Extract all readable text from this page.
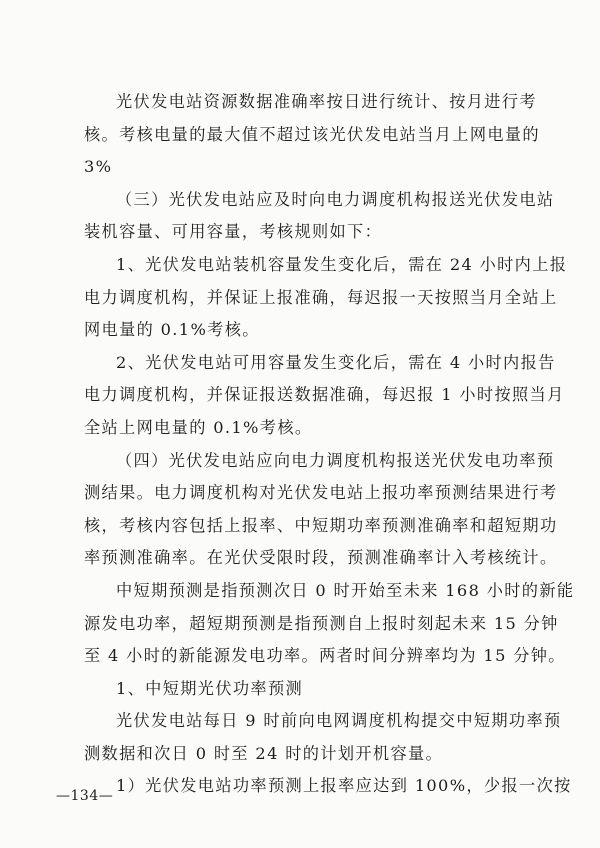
光伏发电站资源数据准确率按日进行统计、按月进行考
核。考核电量的最大值不超过该光伏发电站当月上网电量的
3%
（三）光伏发电站应及时向电力调度机构报送光伏发电站
装机容量、可用容量，考核规则如下：
1、光伏发电站装机容量发生变化后，需在 24 小时内上报
电力调度机构，并保证上报准确，每迟报一天按照当月全站上
网电量的 0.1%考核。
2、光伏发电站可用容量发生变化后，需在 4 小时内报告
电力调度机构，并保证报送数据准确，每迟报 1 小时按照当月
全站上网电量的 0.1%考核。
（四）光伏发电站应向电力调度机构报送光伏发电功率预
测结果。电力调度机构对光伏发电站上报功率预测结果进行考
核，考核内容包括上报率、中短期功率预测准确率和超短期功
率预测准确率。在光伏受限时段，预测准确率计入考核统计。
中短期预测是指预测次日 0 时开始至未来 168 小时的新能
源发电功率，超短期预测是指预测自上报时刻起未来 15 分钟
至 4 小时的新能源发电功率。两者时间分辨率均为 15 分钟。
1、中短期光伏功率预测
光伏发电站每日 9 时前向电网调度机构提交中短期功率预
测数据和次日 0 时至 24 时的计划开机容量。
1）光伏发电站功率预测上报率应达到 100%，少报一次按
—134—
